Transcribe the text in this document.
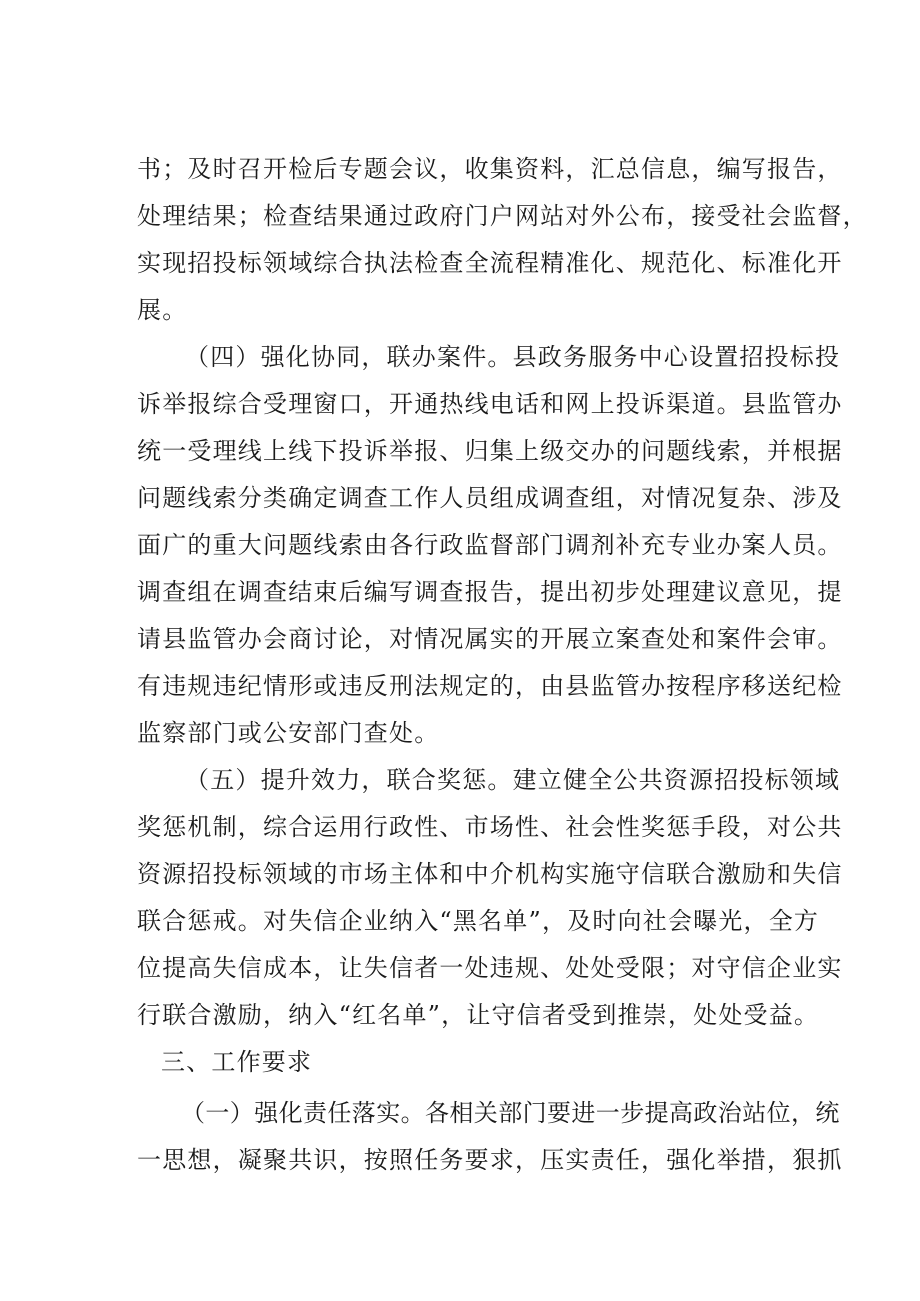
书；及时召开检后专题会议，收集资料，汇总信息，编写报告，
处理结果；检查结果通过政府门户网站对外公布，接受社会监督，
实现招投标领域综合执法检查全流程精准化、规范化、标准化开
展。

（四）强化协同，联办案件。县政务服务中心设置招投标投
诉举报综合受理窗口，开通热线电话和网上投诉渠道。县监管办
统一受理线上线下投诉举报、归集上级交办的问题线索，并根据
问题线索分类确定调查工作人员组成调查组，对情况复杂、涉及
面广的重大问题线索由各行政监督部门调剂补充专业办案人员。
调查组在调查结束后编写调查报告，提出初步处理建议意见，提
请县监管办会商讨论，对情况属实的开展立案查处和案件会审。
有违规违纪情形或违反刑法规定的，由县监管办按程序移送纪检
监察部门或公安部门查处。

（五）提升效力，联合奖惩。建立健全公共资源招投标领域
奖惩机制，综合运用行政性、市场性、社会性奖惩手段，对公共
资源招投标领域的市场主体和中介机构实施守信联合激励和失信
联合惩戒。对失信企业纳入“黑名单”，及时向社会曝光，全方
位提高失信成本，让失信者一处违规、处处受限；对守信企业实
行联合激励，纳入“红名单”，让守信者受到推崇，处处受益。

三、工作要求

（一）强化责任落实。各相关部门要进一步提高政治站位，统
一思想，凝聚共识，按照任务要求，压实责任，强化举措，狠抓
